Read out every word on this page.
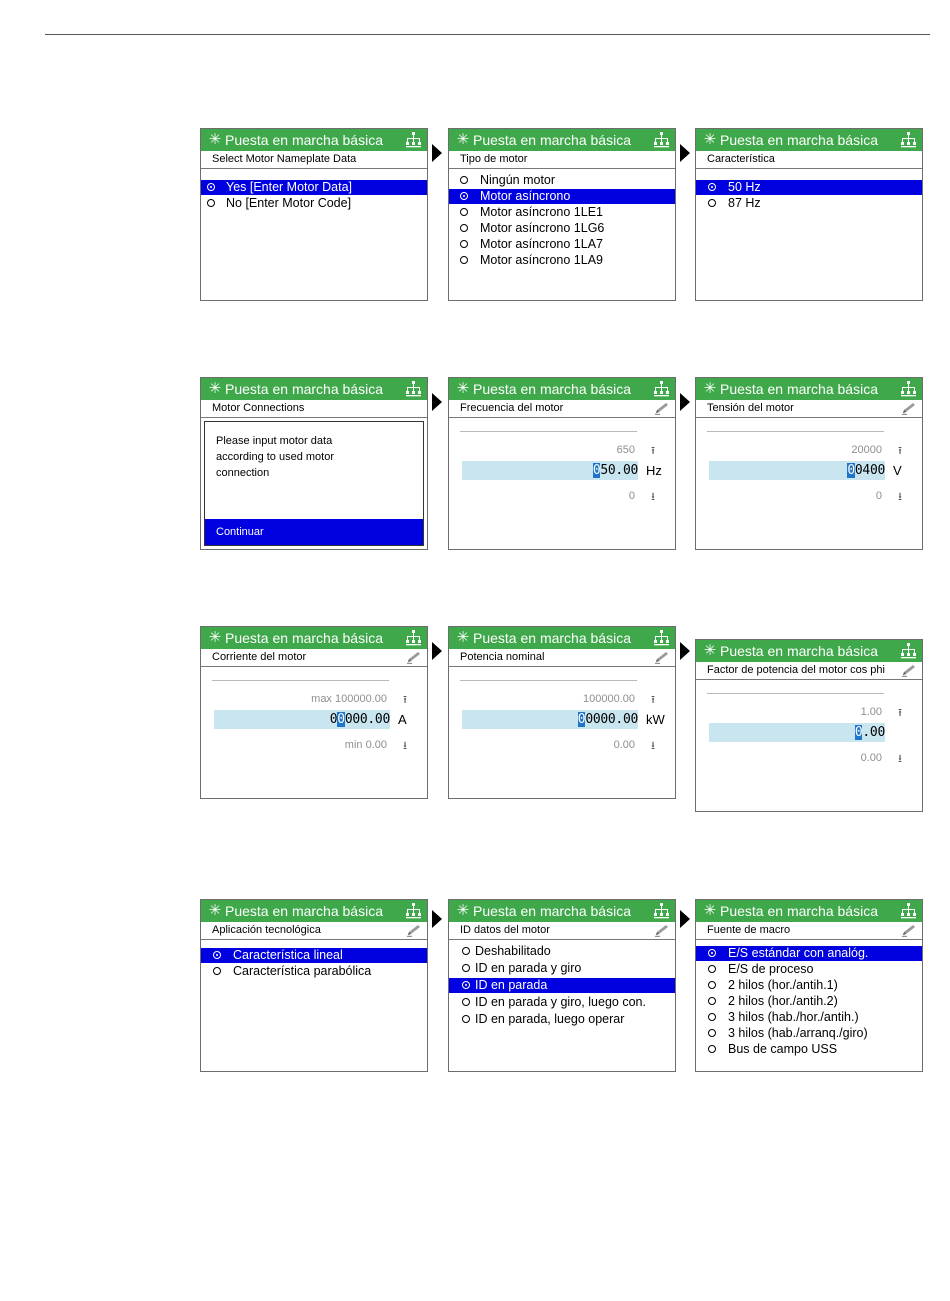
✳ Puesta en marcha básica
Select Motor Nameplate Data
Yes [Enter Motor Data]
No [Enter Motor Code]
✳ Puesta en marcha básica
Tipo de motor
Ningún motor
Motor asíncrono
Motor asíncrono 1LE1
Motor asíncrono 1LG6
Motor asíncrono 1LA7
Motor asíncrono 1LA9
✳ Puesta en marcha básica
Característica
50 Hz
87 Hz
✳ Puesta en marcha básica
Motor Connections
Please input motor data
according to used motor
connection
Continuar
✳ Puesta en marcha básica
Frecuencia del motor
650 ⭱
050.00 Hz
0 ⭳
✳ Puesta en marcha básica
Tensión del motor
20000 ⭱
00400 V
0 ⭳
✳ Puesta en marcha básica
Corriente del motor
max 100000.00 ⭱
00000.00 A
min 0.00 ⭳
✳ Puesta en marcha básica
Potencia nominal
100000.00 ⭱
00000.00 kW
0.00 ⭳
✳ Puesta en marcha básica
Factor de potencia del motor cos phi
1.00 ⭱
0.00
0.00 ⭳
✳ Puesta en marcha básica
Aplicación tecnológica
Característica lineal
Característica parabólica
✳ Puesta en marcha básica
ID datos del motor
Deshabilitado
ID en parada y giro
ID en parada
ID en parada y giro, luego con.
ID en parada, luego operar
✳ Puesta en marcha básica
Fuente de macro
E/S estándar con analóg.
E/S de proceso
2 hilos (hor./antih.1)
2 hilos (hor./antih.2)
3 hilos (hab./hor./antih.)
3 hilos (hab./arranq./giro)
Bus de campo USS
